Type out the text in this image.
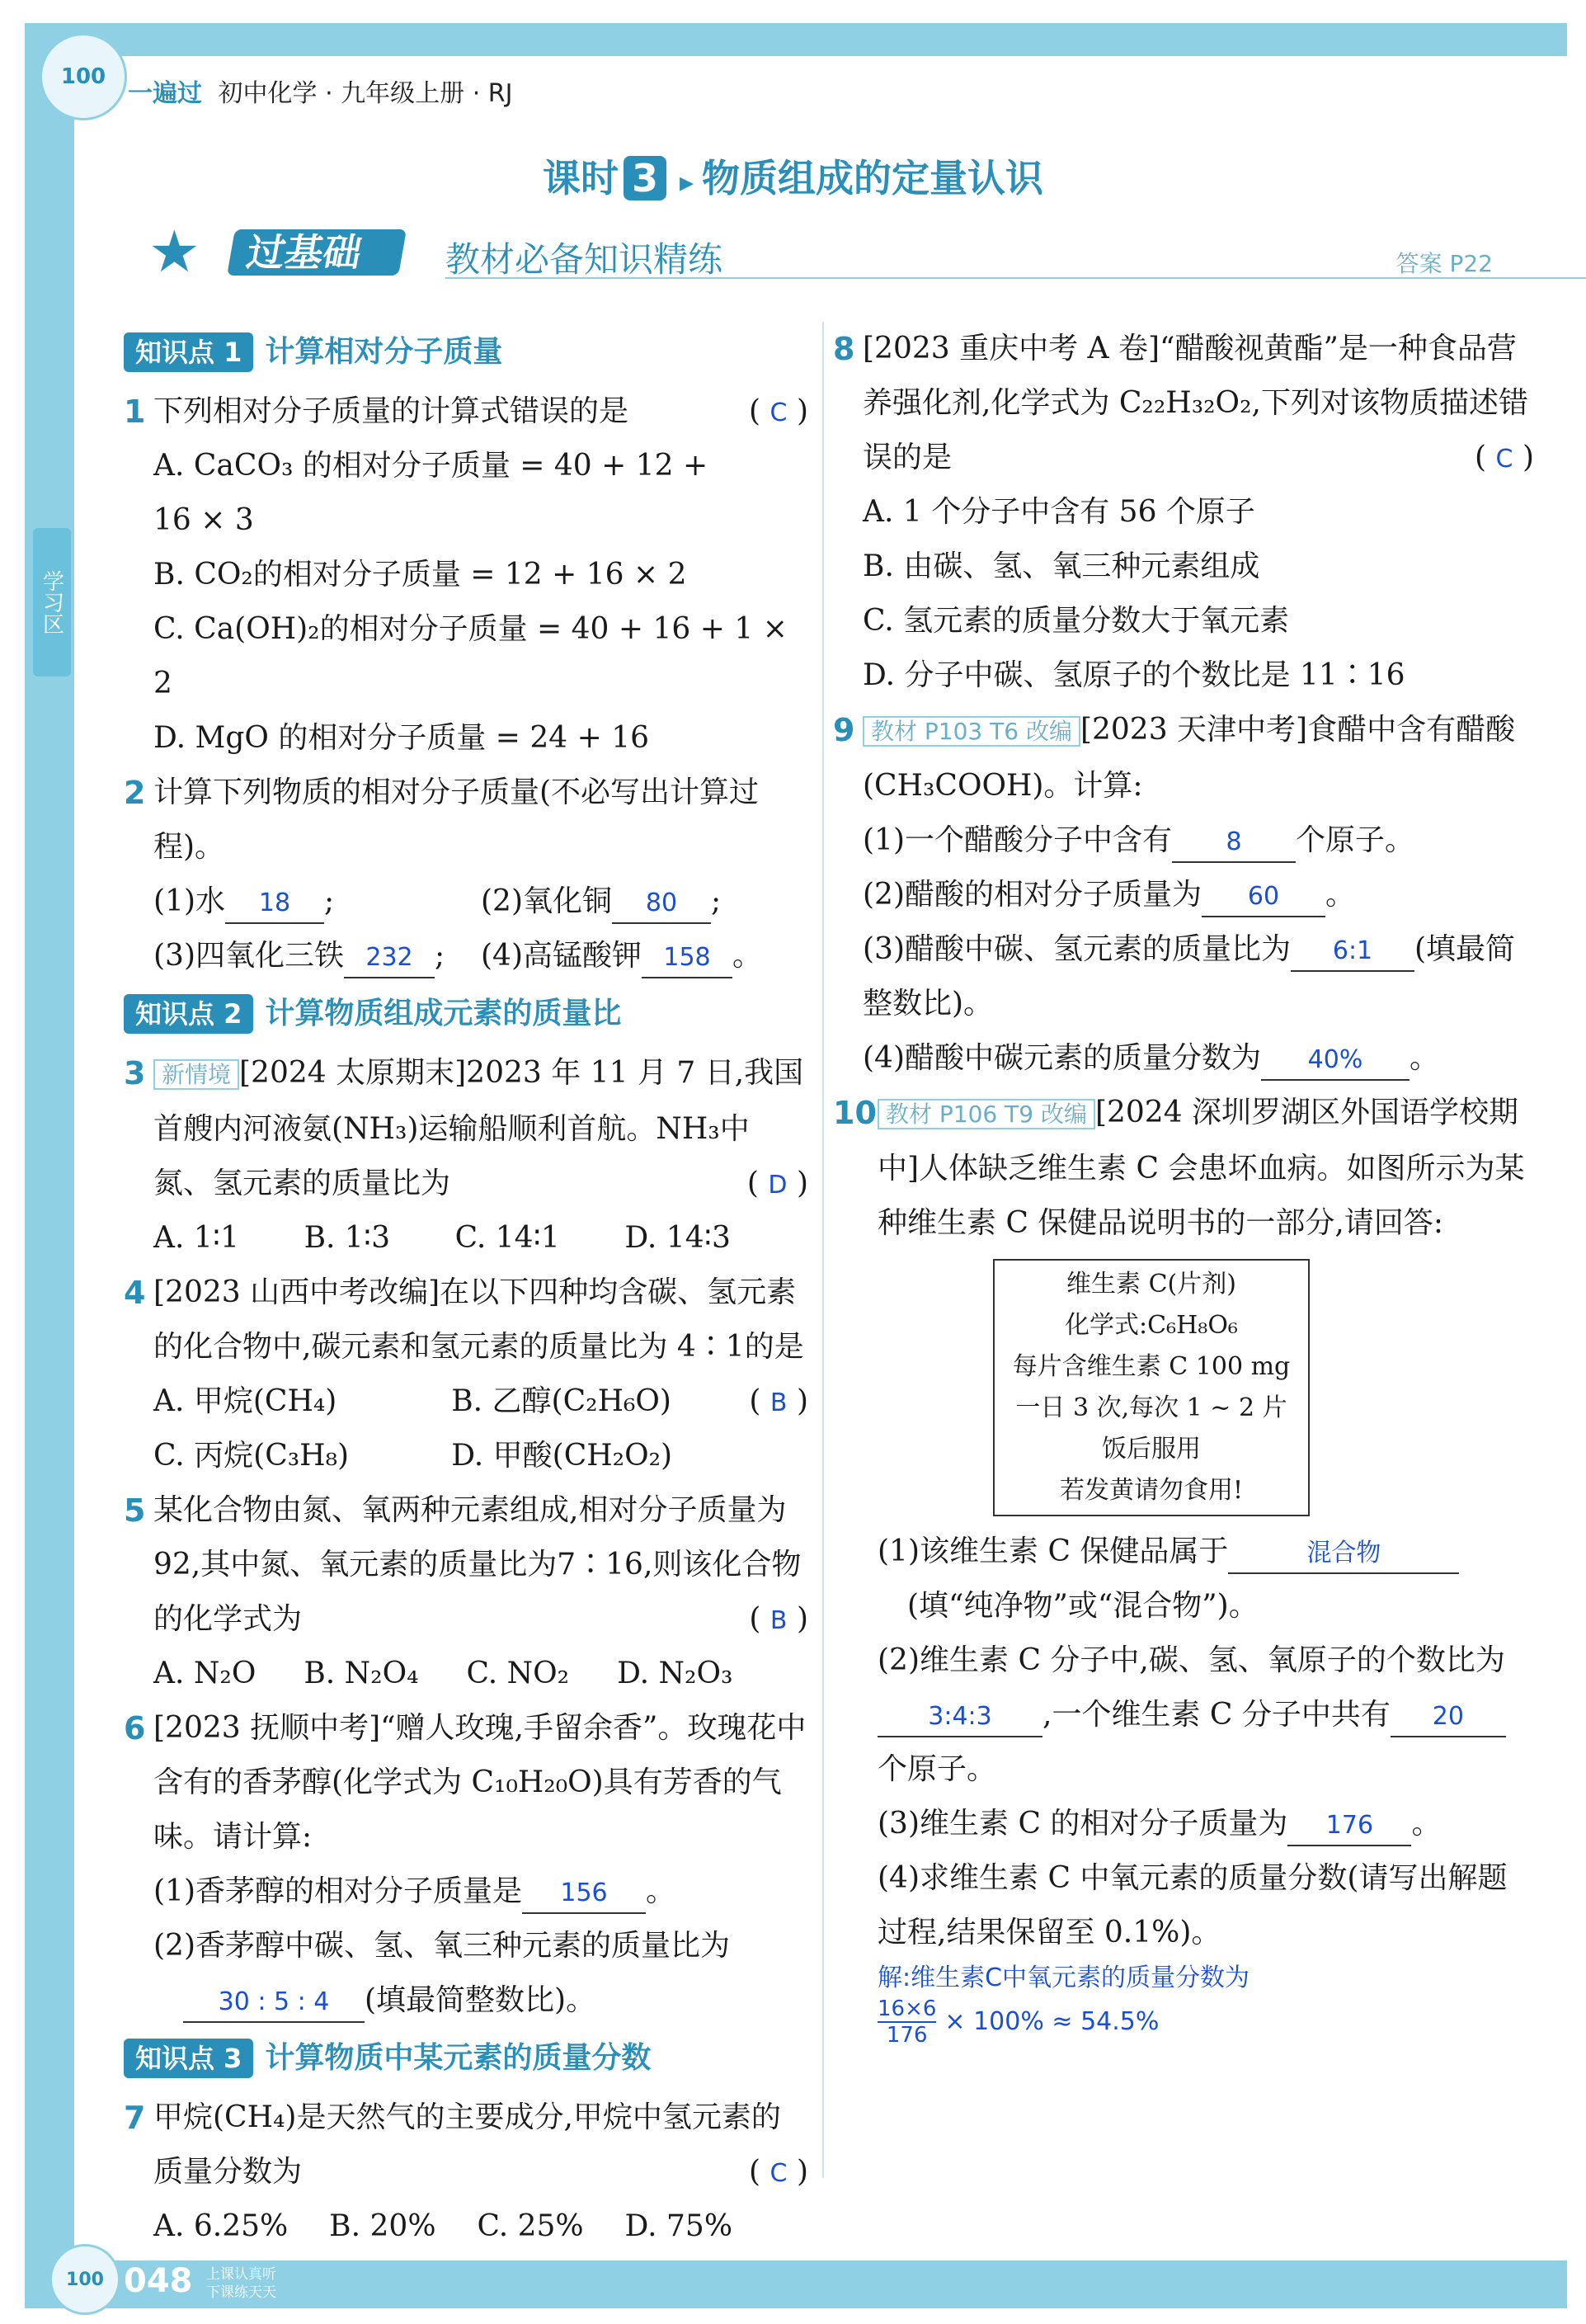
100
一遍过 初中化学 · 九年级上册 · RJ
学习区
课时 3 ▸ 物质组成的定量认识
★	过基础	教材必备知识精练	答案 P22
知识点 1 计算相对分子质量
1 下列相对分子质量的计算式错误的是	( C )
A. CaCO₃ 的相对分子质量 = 40 + 12 + 16 × 3
B. CO₂的相对分子质量 = 12 + 16 × 2
C. Ca(OH)₂的相对分子质量 = 40 + 16 + 1 × 2
D. MgO 的相对分子质量 = 24 + 16
2 计算下列物质的相对分子质量(不必写出计算过程)。
(1)水 18 ;	(2)氧化铜 80 ;
(3)四氧化三铁 232 ;	(4)高锰酸钾 158 。
知识点 2 计算物质组成元素的质量比
3 新情境 [2024 太原期末]2023 年 11 月 7 日,我国首艘内河液氨(NH₃)运输船顺利首航。NH₃中氮、氢元素的质量比为	( D )
A. 1∶1 B. 1∶3 C. 14∶1 D. 14∶3
4 [2023 山西中考改编]在以下四种均含碳、氢元素的化合物中,碳元素和氢元素的质量比为 4∶1的是
( B )
A. 甲烷(CH₄)	B. 乙醇(C₂H₆O)
C. 丙烷(C₃H₈)	D. 甲酸(CH₂O₂)
5 某化合物由氮、氧两种元素组成,相对分子质量为92,其中氮、氧元素的质量比为7∶16,则该化合物的化学式为	( B )
A. N₂O B. N₂O₄ C. NO₂ D. N₂O₃
6 [2023 抚顺中考]“赠人玫瑰,手留余香”。玫瑰花中含有的香茅醇(化学式为 C₁₀H₂₀O)具有芳香的气味。请计算:
(1)香茅醇的相对分子质量是 156 。
(2)香茅醇中碳、氢、氧三种元素的质量比为
30 : 5 : 4 (填最简整数比)。
知识点 3 计算物质中某元素的质量分数
7 甲烷(CH₄)是天然气的主要成分,甲烷中氢元素的质量分数为	( C )
A. 6.25% B. 20% C. 25% D. 75%
8 [2023 重庆中考 A 卷]“醋酸视黄酯”是一种食品营养强化剂,化学式为 C₂₂H₃₂O₂,下列对该物质描述错误的是	( C )
A. 1 个分子中含有 56 个原子
B. 由碳、氢、氧三种元素组成
C. 氢元素的质量分数大于氧元素
D. 分子中碳、氢原子的个数比是 11∶16
9 教材 P103 T6 改编 [2023 天津中考]食醋中含有醋酸(CH₃COOH)。计算:
(1)一个醋酸分子中含有 8 个原子。
(2)醋酸的相对分子质量为 60 。
(3)醋酸中碳、氢元素的质量比为 6:1 (填最简整数比)。
(4)醋酸中碳元素的质量分数为 40% 。
10 教材 P106 T9 改编 [2024 深圳罗湖区外国语学校期中]人体缺乏维生素 C 会患坏血病。如图所示为某种维生素 C 保健品说明书的一部分,请回答:
维生素 C(片剂)
化学式:C₆H₈O₆
每片含维生素 C 100 mg
一日 3 次,每次 1 ~ 2 片
饭后服用
若发黄请勿食用!
(1)该维生素 C 保健品属于	混合物
(填“纯净物”或“混合物”)。
(2)维生素 C 分子中,碳、氢、氧原子的个数比为3:4:3 ,一个维生素 C 分子中共有 20个原子。
(3)维生素 C 的相对分子质量为 176 。
(4)求维生素 C 中氧元素的质量分数(请写出解题过程,结果保留至 0.1%)。
解:维生素C中氧元素的质量分数为
$\frac{16\times 6}{176} \times 100\% \approx 54.5\%$
100 048 上课认真听
下课练天天
